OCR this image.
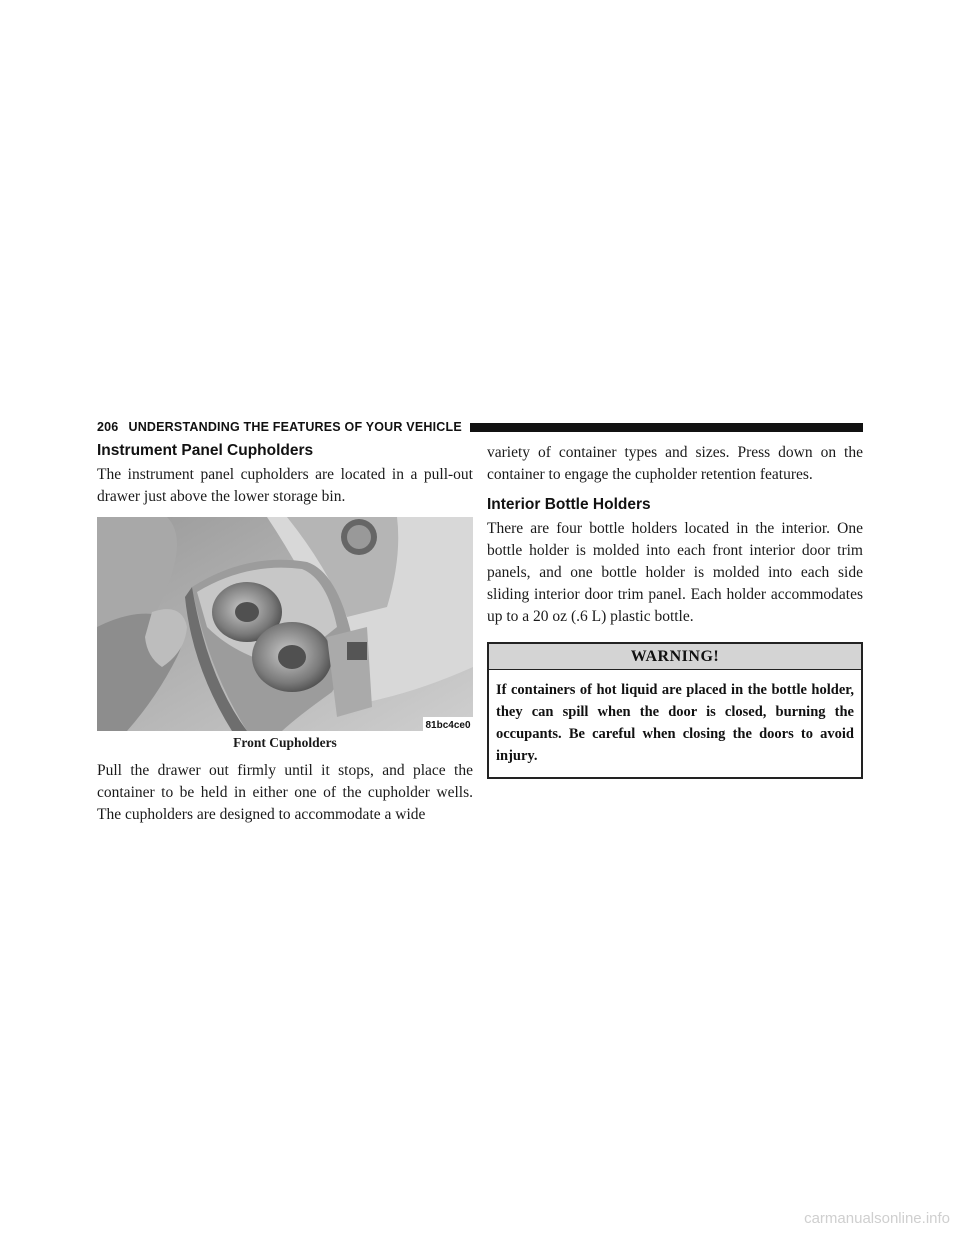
206 UNDERSTANDING THE FEATURES OF YOUR VEHICLE
Instrument Panel Cupholders

The instrument panel cupholders are located in a pull-out drawer just above the lower storage bin.

81bc4ce0
Front Cupholders

Pull the drawer out firmly until it stops, and place the container to be held in either one of the cupholder wells. The cupholders are designed to accommodate a wide

variety of container types and sizes. Press down on the container to engage the cupholder retention features.

Interior Bottle Holders

There are four bottle holders located in the interior. One bottle holder is molded into each front interior door trim panels, and one bottle holder is molded into each side sliding interior door trim panel. Each holder accommodates up to a 20 oz (.6 L) plastic bottle.

WARNING!
If containers of hot liquid are placed in the bottle holder, they can spill when the door is closed, burning the occupants. Be careful when closing the doors to avoid injury.
carmanualsonline.info
